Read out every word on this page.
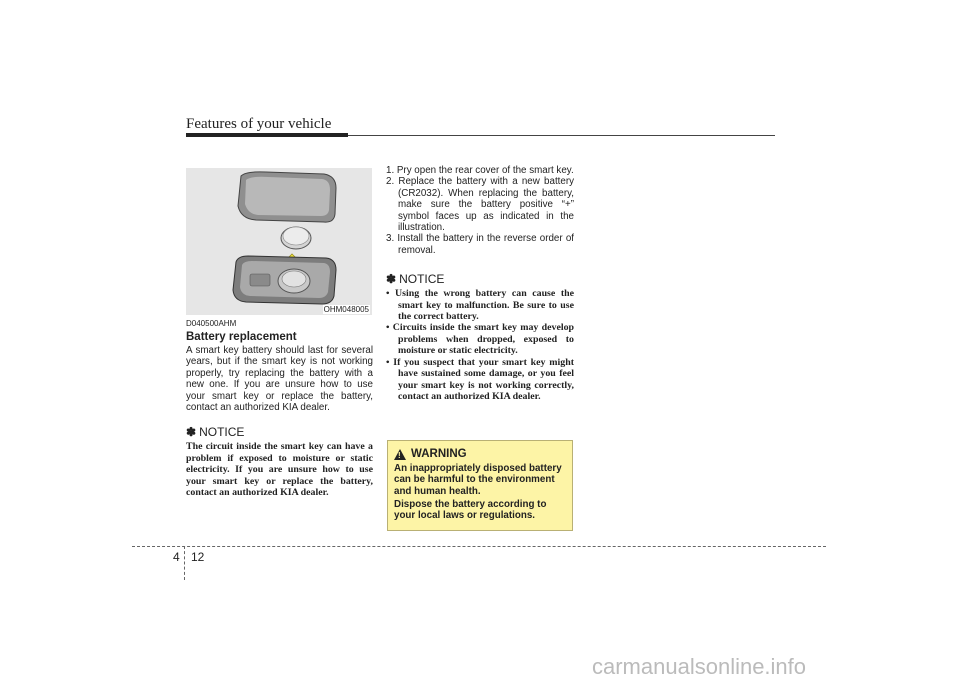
Features of your vehicle
OHM048005
D040500AHM
Battery replacement
A smart key battery should last for several years, but if the smart key is not working properly, try replacing the battery with a new one. If you are unsure how to use your smart key or replace the battery, contact an authorized KIA dealer.
✽ NOTICE
The circuit inside the smart key can have a problem if exposed to moisture or static electricity. If you are unsure how to use your smart key or replace the battery, contact an authorized KIA dealer.
1. Pry open the rear cover of the smart key.
2. Replace the battery with a new battery (CR2032). When replacing the battery, make sure the battery positive “+” symbol faces up as indicated in the illustration.
3. Install the battery in the reverse order of removal.
✽ NOTICE
• Using the wrong battery can cause the smart key to malfunction. Be sure to use the correct battery.
• Circuits inside the smart key may develop problems when dropped, exposed to moisture or static electricity.
• If you suspect that your smart key might have sustained some damage, or you feel your smart key is not working correctly, contact an authorized KIA dealer.
! WARNING
An inappropriately disposed battery can be harmful to the environment and human health.
Dispose the battery according to your local laws or regulations.
4 12
carmanualsonline.info
